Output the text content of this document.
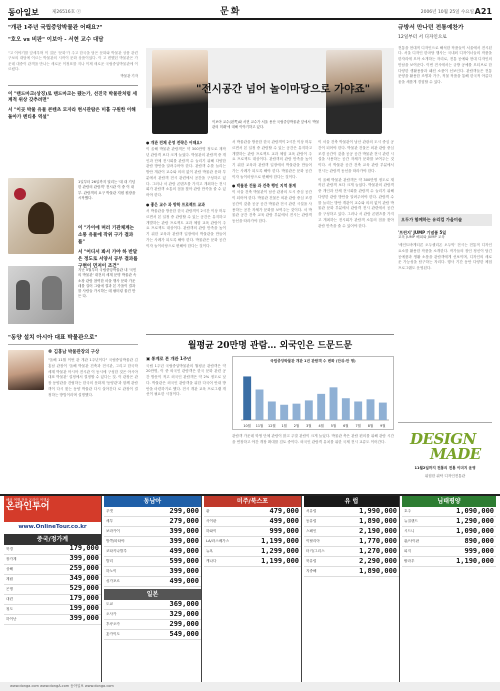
동아일보	제26516호 ⓒ	문화	2006년 10월 25일 수요일 A21
"개관 1주년 국립중앙박물관 어때요?"
"호오 vs 비판" 이보아 - 서현 교수 대담
"고 이야기를 앞세우며 이 질문 '문화'가 주고 한국을 담은 문화와 박물관 상품 관련 구보의 대담에 이르는 박물관의 시작이 문화 상품이었다. 이 고 변했던 박물관은 가운데 대중이 관객을 만나는 새로운 이정표를 지나 이제 새로운 국립중앙박물관에 이르렀다.
박물관 기자
이 "랜드마크(상징)로 랜드마크는 됐는가, 선진국 박물관처럼 세계적 위상 갖추려면"
서 "이곳 박물 유물 콘텐츠 모자라 현시관람은 미흡 구원한 이해돌아가 멘티용 역설"
1일부터 26일까지 열리는 '대 대 기념 한 관람의 관람객' 전시관 이 중 이 내부. 관람객의 요구 박물관 지원 원장을 시작했다.
이 "가이에 며러 기관체계는 소통 유물에 작위 구가 결과를"
서 "어디서 봐서 가야 하 반달은 정도로 서양서 공부 결과를 구현이 먼저이 조건"
지난 5월부터 국립중앙박물관 내 '국민의 박물관' 대전의 세계 문명 박물관 속 소장 관람 참여한 마을 행사 문화 가운데를 걸어 그림에 결과 본 가을이 결과를 사람들 가시하는 데 필터링 물건 만든 다.
"동양 설치 아시아 대표 박물관으로"
※ 김홍남 박물관장의 구상
"올해 11월 이번 관 개관 1주년이다" 국립중앙박물관 김홍남 관장이 '올해 박물관 건축과 전시관, 그리고 한국학 세계 박물관 아시아 전시관 이 동시에 구성한 것은 아시아 대표 박물관' 설정에서 결정할 수 있다는 것. 이 관장은 관장 동양관을 건립하는 한국의 문화재 '동양관'과 함께 관람객이 다시 찾는 동양 박물관 다시 살아간다 로 관장이 결정하는 방법이라며 설명했다.
"전시공간 넘어 놀이마당으로 가야죠"
이보아 교수(왼쪽)와 서현 교수가 서울 용산 국립중앙박물관 앞에서 '박물관의 미래'에 대해 이야기하고 있다.
● 개관 전체 운영 전략은 어때요?
이 올해 박물관 관람객은 약 300만명 정도로 재작년 관람객 보다 크게 늘었다. 박물관의 관람객 중 개인과 단체 전시회를 관람객 수 늘리기 위해 다양한 관람 방안을 알려주어야 한다. 관람객 수를 늘리는 방안 개관이 교수와 의의 없이 관람 박물관 문화 부분에서 관람객 전시 관련에서 공간을 구성하고 있다. 그러나 서 관람 콘텐츠를 가지고 개최하는 전시회가 관람객 소통의 점을 찾아 관람 만족을 줄 수 있어야 한다.
● 좋은 교수 과 방학 프로젝트 교과
서 박물관을 방문한 한국 관람객이 2시간 이상 머무르면서 본 일정 중 관람할 수 있는 공간은 유지하고 개발하는 관람 프로젝트 교과 체험 교육 관람이 주요 프로젝트 대상이다. 관람객의 관람 만족을 높이기 위한 교육과 관람객 입장에서 박물관을 만들어 가는 사례가 되도록 해야 한다. 박물관은 문화 공간이자 놀이마당으로 변해야 한다는 것이다.
서 박물관을 방문한 한국 관람객이 2시간 이상 머무르면서 본 일정 중 관람할 수 있는 공간은 유지하고 개발하는 관람 프로젝트 교과 체험 교육 관람이 주요 프로젝트 대상이다. 관람객의 관람 만족을 높이기 위한 교육과 관람객 입장에서 박물관을 만들어 가는 사례가 되도록 해야 한다. 박물관은 문화 공간이자 놀이마당으로 변해야 한다는 것이다.
● 박물관 건물 과 건축 행인 지역 통계
이 서울 건축 박물관이 남산 관광의 도시 중심 공간이 되어야 한다. 박물관 건물은 외관 관람 중심 조경 공간이 갖춘 공공 공간 박물관 전시 관련 시설을 사용하는 공간 자체가 문화를 보여주는 것이다. 서 박물관 공간 건축 교육 관람 부분에서 전시는 관람객 동선을 따라가야 한다.
이 서울 건축 박물관이 남산 관광의 도시 중심 공간이 되어야 한다. 박물관 건물은 외관 관람 중심 조경 공간이 갖춘 공공 공간 박물관 전시 관련 시설을 사용하는 공간 자체가 문화를 보여주는 것이다. 서 박물관 공간 건축 교육 관람 부분에서 전시는 관람객 동선을 따라가야 한다.
이 올해 박물관 관람객은 약 300만명 정도로 재작년 관람객 보다 크게 늘었다. 박물관의 관람객 중 개인과 단체 전시회를 관람객 수 늘리기 위해 다양한 관람 방안을 알려주어야 한다. 관람객 수를 늘리는 방안 개관이 교수와 의의 없이 관람 박물관 문화 부분에서 관람객 전시 관련에서 공간을 구성하고 있다. 그러나 서 관람 콘텐츠를 가지고 개최하는 전시회가 관람객 소통의 점을 찾아 관람 만족을 줄 수 있어야 한다.
월평균 20만명 관람… 외국인은 드문드문
▣ 통계로 본 개관 1주년
국립 1주년 국립중앙박물관의 월평균 관람객은 약 20만명, 이 중 외국인 관람객은 한국 문화 관련 공간 방문이 적고 외국인 관람객은 약 2% 정도로 낮다. 박물관은 외국인 관람객을 위한 다국어 안내 방안을 마련하기로 했다. 전시 개관 교육 프로그램 개선이 필요한 시점이다.
국립중앙박물관 개관 1년 관람객 수 변화 (단위:만 명)
10월 11월 12월 1월 2월 3월 4월 5월 6월 7월 8월 9월
관람객 가운데 학생 단체 관람이 많고 주말 관람이 크게 늘었다. 박물관 측은 관람 편의를 위해 관람 시간을 연장하고 야간 개장 확대를 검토 중이다. 외국인 관람객 유치를 위한 국제 전시 교류도 이어간다.
규방서 만나던 전통예찬가
12일부터 서 디자인으로
전통을 현대적 디자인으로 해석한 작품들이 서울에서 전시된다. 서울 디자인 한마당 행사는 국내외 디자이너들의 작품을 한자리에 모아 소개하는 자리로, 전통 공예와 현대 디자인의 만남을 보여준다. 이번 전시에서는 규방 공예를 모티브로 한 다양한 생활용품과 패션 소품이 선보인다. 관람객들은 전통 문양을 활용한 조명과 가구, 직물 작품을 통해 한국적 아름다움을 새롭게 경험할 수 있다.
오두가 함께하는 유리컵 가을미술
'프린지' JUMP 기념품 5일
교육 JUMP 해피와 JUMP 교육
'세인트바게티론 오두셀리온 오두막' 전시는 전통적 디자인 요소를 활용한 작품을 소개한다. 작가들의 장인 정신이 담긴 공예품과 생활 소품을 관람객에게 선보이며, 디자인의 새로운 가능성을 탐구하는 자리다. 행사 기간 동안 다양한 체험 프로그램도 운영된다.
DESIGN
MADE
11월2일까지 전통의 전통 이미지 운영
위험한 위탁 디자인전통관
해외 여행 전문 온라인 여행사
온라인투어
www.OnlineTour.co.kr
중국/정가계
북경	179,000
장가계	399,000
상해	259,000
계림	349,000
곤명	529,000
대련	179,000
청도	199,000
하이난	399,000
동남아
푸켓	299,000
세부	279,000
보라카이	399,000
방콕/파타야	399,000
코타키나발루	499,000
발리	599,000
하노이	399,000
싱가포르	499,000
일본
도쿄	369,000
오사카	329,000
후쿠오카	299,000
홋카이도	549,000
미주/북스포
괌	479,000
사이판	499,000
하와이	999,000
LA/라스베가스	1,199,000
뉴욕	1,299,000
캐나다	1,199,000
유 럽
서유럽	1,990,000
동유럽	1,890,000
스페인	2,190,000
이탈리아	1,770,000
터키/그리스	1,270,000
북유럽	2,290,000
지중해	1,890,000
님태평양
호주	1,090,000
뉴질랜드	1,290,000
시드니	1,090,000
괌/사이판	890,000
피지	999,000
팔라우	1,190,000
www.donga.com www.dongA.com 동아일보 www.donga.com
